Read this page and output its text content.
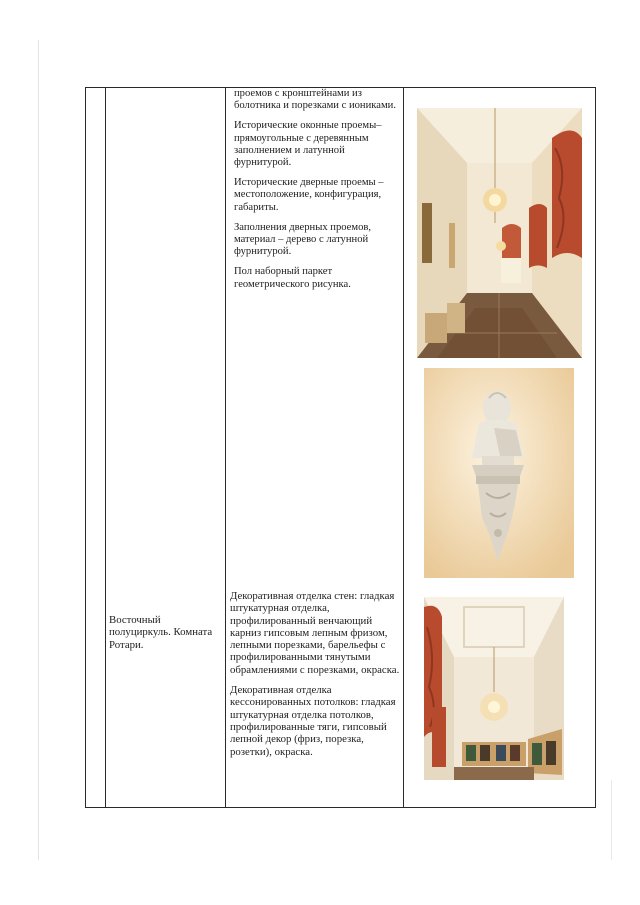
проемов с кронштейнами из болотника и порезками с иониками.

Исторические оконные проемы– прямоугольные с деревянным заполнением и латунной фурнитурой.

Исторические дверные проемы – местоположение, конфигурация, габариты.

Заполнения дверных проемов, материал – дерево с латунной фурнитурой.

Пол наборный паркет геометрического рисунка.

Восточный полуциркуль. Комната Ротари.

Декоративная отделка стен: гладкая штукатурная отделка, профилированный венчающий карниз гипсовым лепным фризом, лепными порезками, барельефы с профилированными тянутыми обрамлениями с порезками, окраска.

Декоративная отделка кессонированных потолков: гладкая штукатурная отделка потолков, профилированные тяги, гипсовый лепной декор (фриз, порезка, розетки), окраска.
